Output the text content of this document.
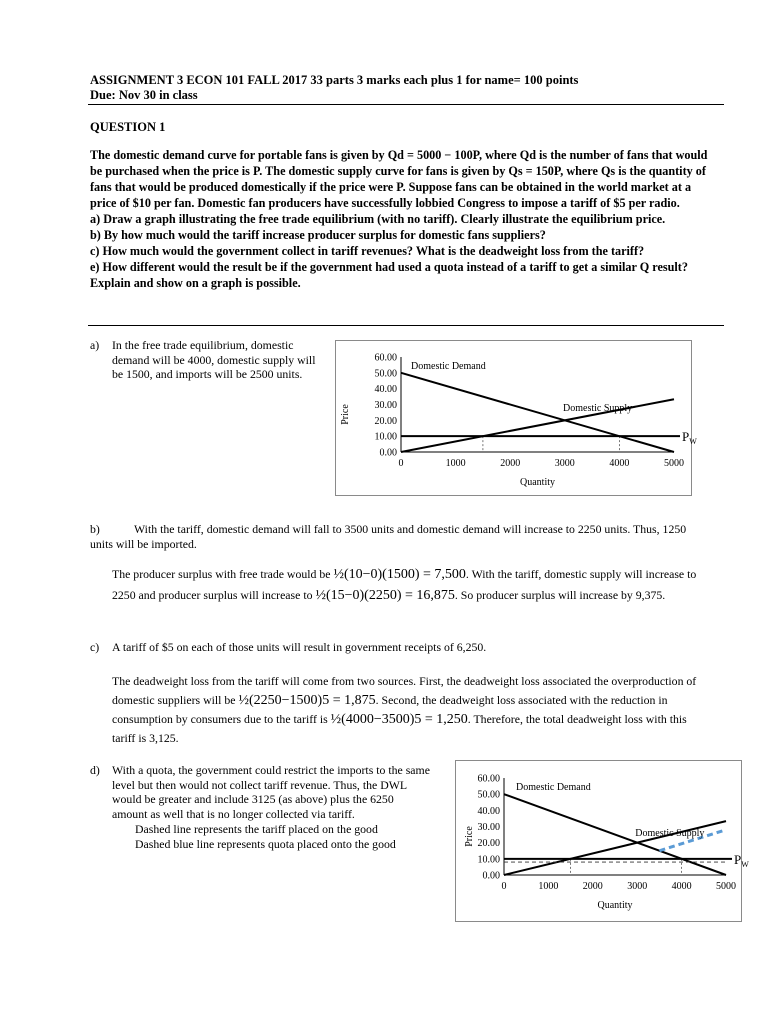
ASSIGNMENT 3 ECON 101 FALL 2017 33 parts 3 marks each plus 1 for name= 100 points
Due: Nov 30 in class
QUESTION 1

The domestic demand curve for portable fans is given by Qd = 5000 − 100P, where Qd is the number of fans that would be purchased when the price is P. The domestic supply curve for fans is given by Qs = 150P, where Qs is the quantity of fans that would be produced domestically if the price were P. Suppose fans can be obtained in the world market at a price of $10 per fan. Domestic fan producers have successfully lobbied Congress to impose a tariff of $5 per radio.

a) Draw a graph illustrating the free trade equilibrium (with no tariff). Clearly illustrate the equilibrium price.

b) By how much would the tariff increase producer surplus for domestic fans suppliers?

c) How much would the government collect in tariff revenues? What is the deadweight loss from the tariff?

e) How different would the result be if the government had used a quota instead of a tariff to get a similar Q result? Explain and show on a graph is possible.

a) In the free trade equilibrium, domestic demand will be 4000, domestic supply will be 1500, and imports will be 2500 units.
0.00
10.00
20.00
30.00
40.00
50.00
60.00
0	1000	2000	3000	4000	5000
Quantity
Price
Domestic Demand
Domestic Supply
$P_W$
b)	With the tariff, domestic demand will fall to 3500 units and domestic demand will increase to 2250 units. Thus, 1250 units will be imported.
The producer surplus with free trade would be ½(10−0)(1500) = 7,500. With the tariff, domestic supply will increase to 2250 and producer surplus will increase to ½(15−0)(2250) = 16,875. So producer surplus will increase by 9,375.
c) A tariff of $5 on each of those units will result in government receipts of 6,250.
The deadweight loss from the tariff will come from two sources. First, the deadweight loss associated the overproduction of domestic suppliers will be ½(2250−1500)5 = 1,875. Second, the deadweight loss associated with the reduction in consumption by consumers due to the tariff is ½(4000−3500)5 = 1,250. Therefore, the total deadweight loss with this tariff is 3,125.
d) With a quota, the government could restrict the imports to the same level but then would not collect tariff revenue. Thus, the DWL would be greater and include 3125 (as above) plus the 6250 amount as well that is no longer collected via tariff.
Dashed line represents the tariff placed on the good
Dashed blue line represents quota placed onto the good
0.00
10.00
20.00
30.00
40.00
50.00
60.00
0	1000 2000 3000 4000 5000
Quantity
Price
Domestic Demand
Domestic Supply
$P_W$
